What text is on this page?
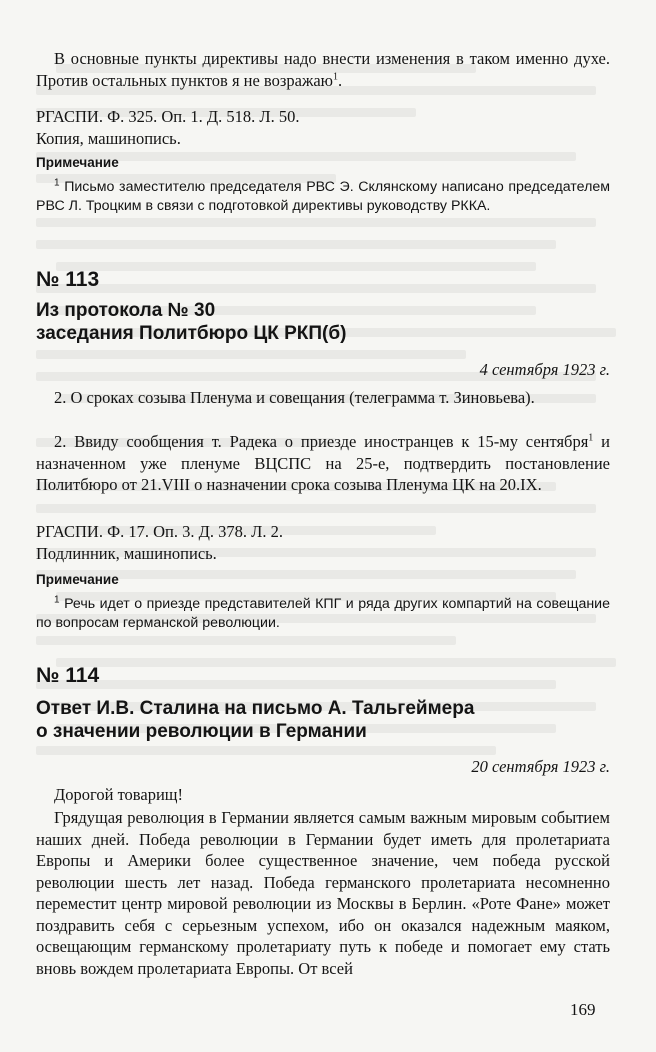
В основные пункты директивы надо внести изменения в таком именно духе. Против остальных пунктов я не возражаю$^1$.

РГАСПИ. Ф. 325. Оп. 1. Д. 518. Л. 50.

Копия, машинопись.

Примечание

$^1$ Письмо заместителю председателя РВС Э. Склянскому написано председателем РВС Л. Троцким в связи с подготовкой директивы руководству РККА.

№ 113

Из протокола № 30
заседания Политбюро ЦК РКП(б)

4 сентября 1923 г.

2. О сроках созыва Пленума и совещания (телеграмма т. Зиновьева).

2. Ввиду сообщения т. Радека о приезде иностранцев к 15-му сентября$^1$ и назначенном уже пленуме ВЦСПС на 25-е, подтвердить постановление Политбюро от 21.VIII о назначении срока созыва Пленума ЦК на 20.IX.

РГАСПИ. Ф. 17. Оп. 3. Д. 378. Л. 2.

Подлинник, машинопись.

Примечание

$^1$ Речь идет о приезде представителей КПГ и ряда других компартий на совещание по вопросам германской революции.

№ 114

Ответ И.В. Сталина на письмо А. Тальгеймера
о значении революции в Германии

20 сентября 1923 г.

Дорогой товарищ!

Грядущая революция в Германии является самым важным мировым событием наших дней. Победа революции в Германии будет иметь для пролетариата Европы и Америки более существенное значение, чем победа русской революции шесть лет назад. Победа германского пролетариата несомненно переместит центр мировой революции из Москвы в Берлин. «Роте Фане» может поздравить себя с серьезным успехом, ибо он оказался надежным маяком, освещающим германскому пролетариату путь к победе и помогает ему стать вновь вождем пролетариата Европы. От всей

169
